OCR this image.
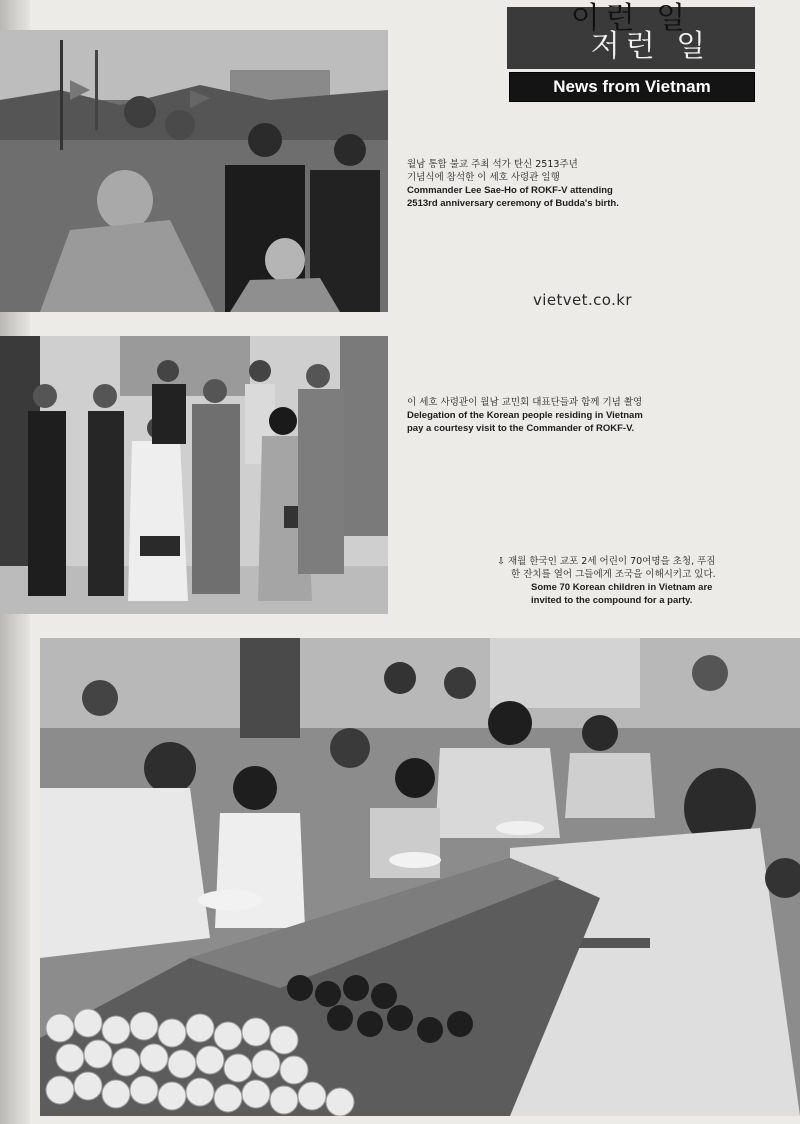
이런 일
저런 일
News from Vietnam
월남 통합 불교 주최 석가 탄신 2513주년
기념식에 참석한 이 세호 사령관 일행
Commander Lee Sae-Ho of ROKF-V attending
2513rd anniversary ceremony of Budda's birth.
vietvet.co.kr
이 세호 사령관이 월남 교민회 대표단들과 함께 기념 촬영
Delegation of the Korean people residing in Vietnam
pay a courtesy visit to the Commander of ROKF-V.
⇩ 재월 한국인 교포 2세 어린이 70여명을 초청, 푸짐
한 잔치를 열어 그들에게 조국을 이해시키고 있다.
Some 70 Korean children in Vietnam are
invited to the compound for a party.
